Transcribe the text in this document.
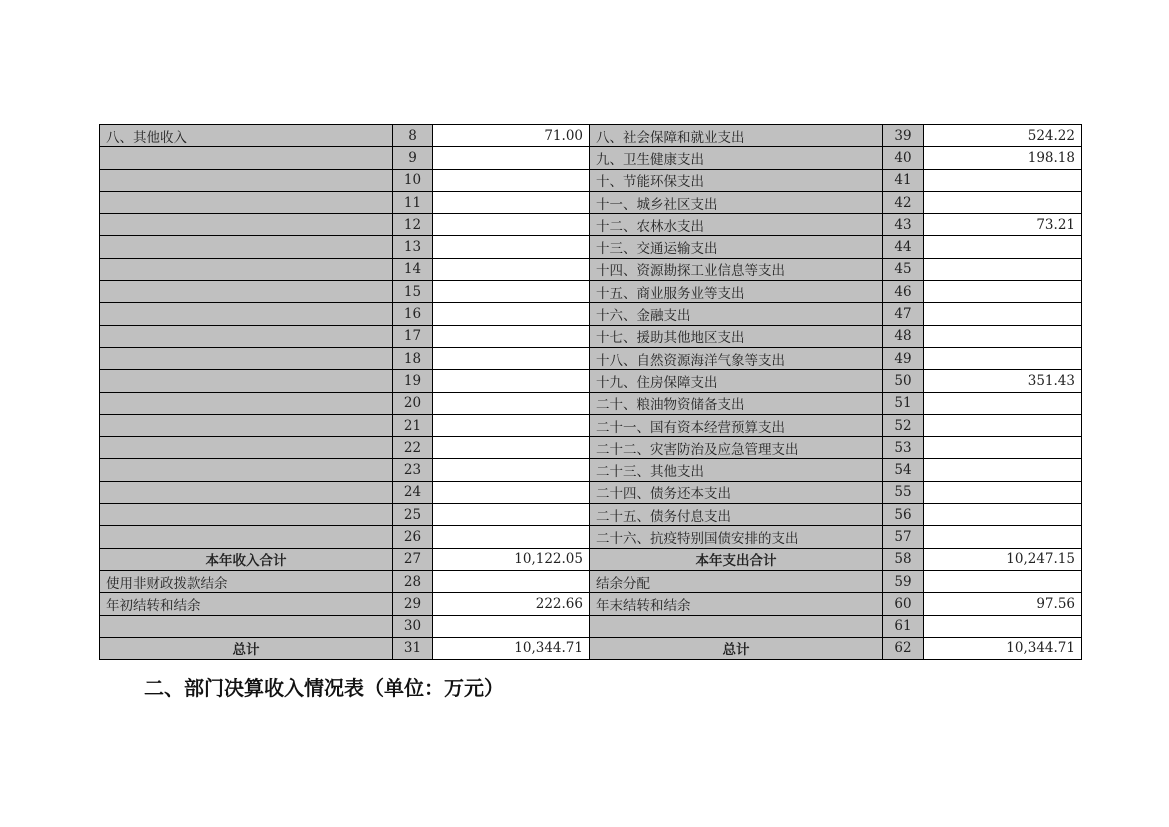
八、其他收入	8	71.00	八、社会保障和就业支出	39	524.22
	9		九、卫生健康支出	40	198.18
	10		十、节能环保支出	41	
	11		十一、城乡社区支出	42	
	12		十二、农林水支出	43	73.21
	13		十三、交通运输支出	44	
	14		十四、资源勘探工业信息等支出	45	
	15		十五、商业服务业等支出	46	
	16		十六、金融支出	47	
	17		十七、援助其他地区支出	48	
	18		十八、自然资源海洋气象等支出	49	
	19		十九、住房保障支出	50	351.43
	20		二十、粮油物资储备支出	51	
	21		二十一、国有资本经营预算支出	52	
	22		二十二、灾害防治及应急管理支出	53	
	23		二十三、其他支出	54	
	24		二十四、债务还本支出	55	
	25		二十五、债务付息支出	56	
	26		二十六、抗疫特别国债安排的支出	57	
本年收入合计	27	10,122.05	本年支出合计	58	10,247.15
使用非财政拨款结余	28		结余分配	59	
年初结转和结余	29	222.66	年末结转和结余	60	97.56
	30			61	
总计	31	10,344.71	总计	62	10,344.71
二、部门决算收入情况表（单位：万元）
